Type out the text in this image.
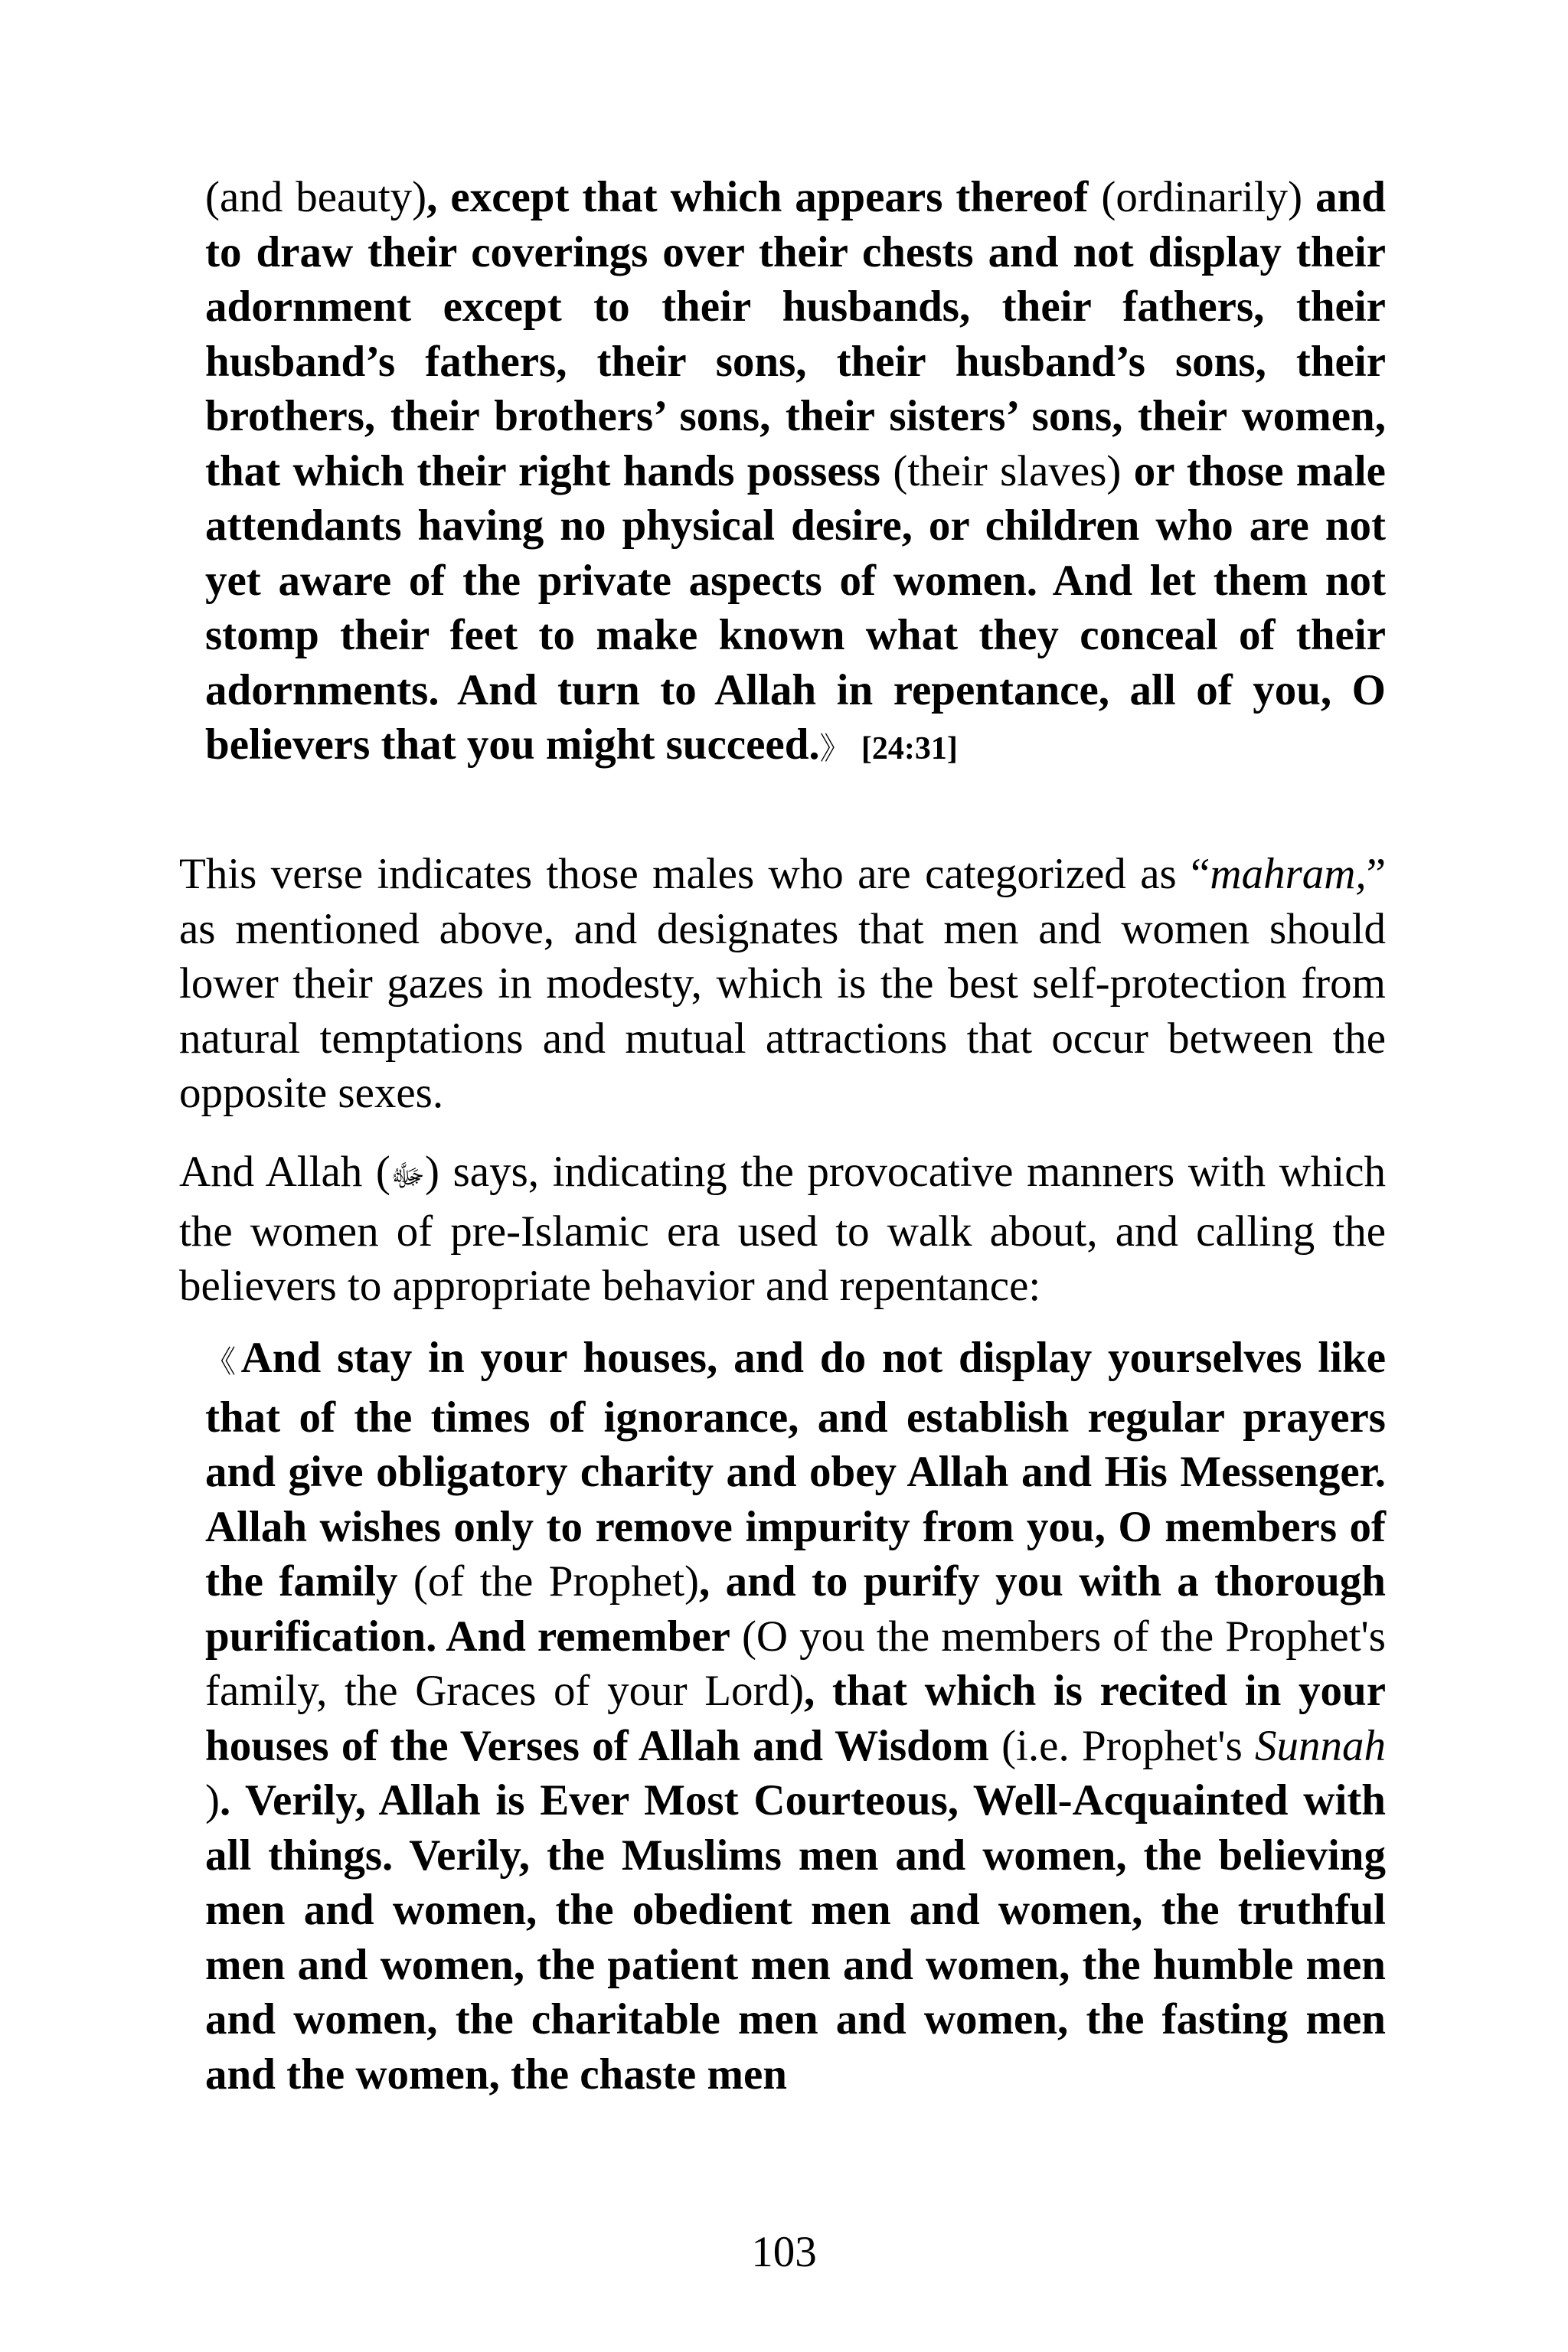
(and beauty), except that which appears thereof (ordinarily) and to draw their coverings over their chests and not display their adornment except to their husbands, their fathers, their husband’s fathers, their sons, their husband’s sons, their brothers, their brothers’ sons, their sisters’ sons, their women, that which their right hands possess (their slaves) or those male attendants having no physical desire, or children who are not yet aware of the private aspects of women. And let them not stomp their feet to make known what they conceal of their adornments. And turn to Allah in repentance, all of you, O believers that you might succeed.》 [24:31]

This verse indicates those males who are categorized as “mahram,” as mentioned above, and designates that men and women should lower their gazes in modesty, which is the best self-protection from natural temptations and mutual attractions that occur between the opposite sexes.

And Allah (ﷻ) says, indicating the provocative manners with which the women of pre-Islamic era used to walk about, and calling the believers to appropriate behavior and repentance:

《And stay in your houses, and do not display yourselves like that of the times of ignorance, and establish regular prayers and give obligatory charity and obey Allah and His Messenger. Allah wishes only to remove impurity from you, O members of the family (of the Prophet), and to purify you with a thorough purification. And remember (O you the members of the Prophet's family, the Graces of your Lord), that which is recited in your houses of the Verses of Allah and Wisdom (i.e. Prophet's Sunnah ). Verily, Allah is Ever Most Courteous, Well-Acquainted with all things. Verily, the Muslims men and women, the believing men and women, the obedient men and women, the truthful men and women, the patient men and women, the humble men and women, the charitable men and women, the fasting men and the women, the chaste men

103
